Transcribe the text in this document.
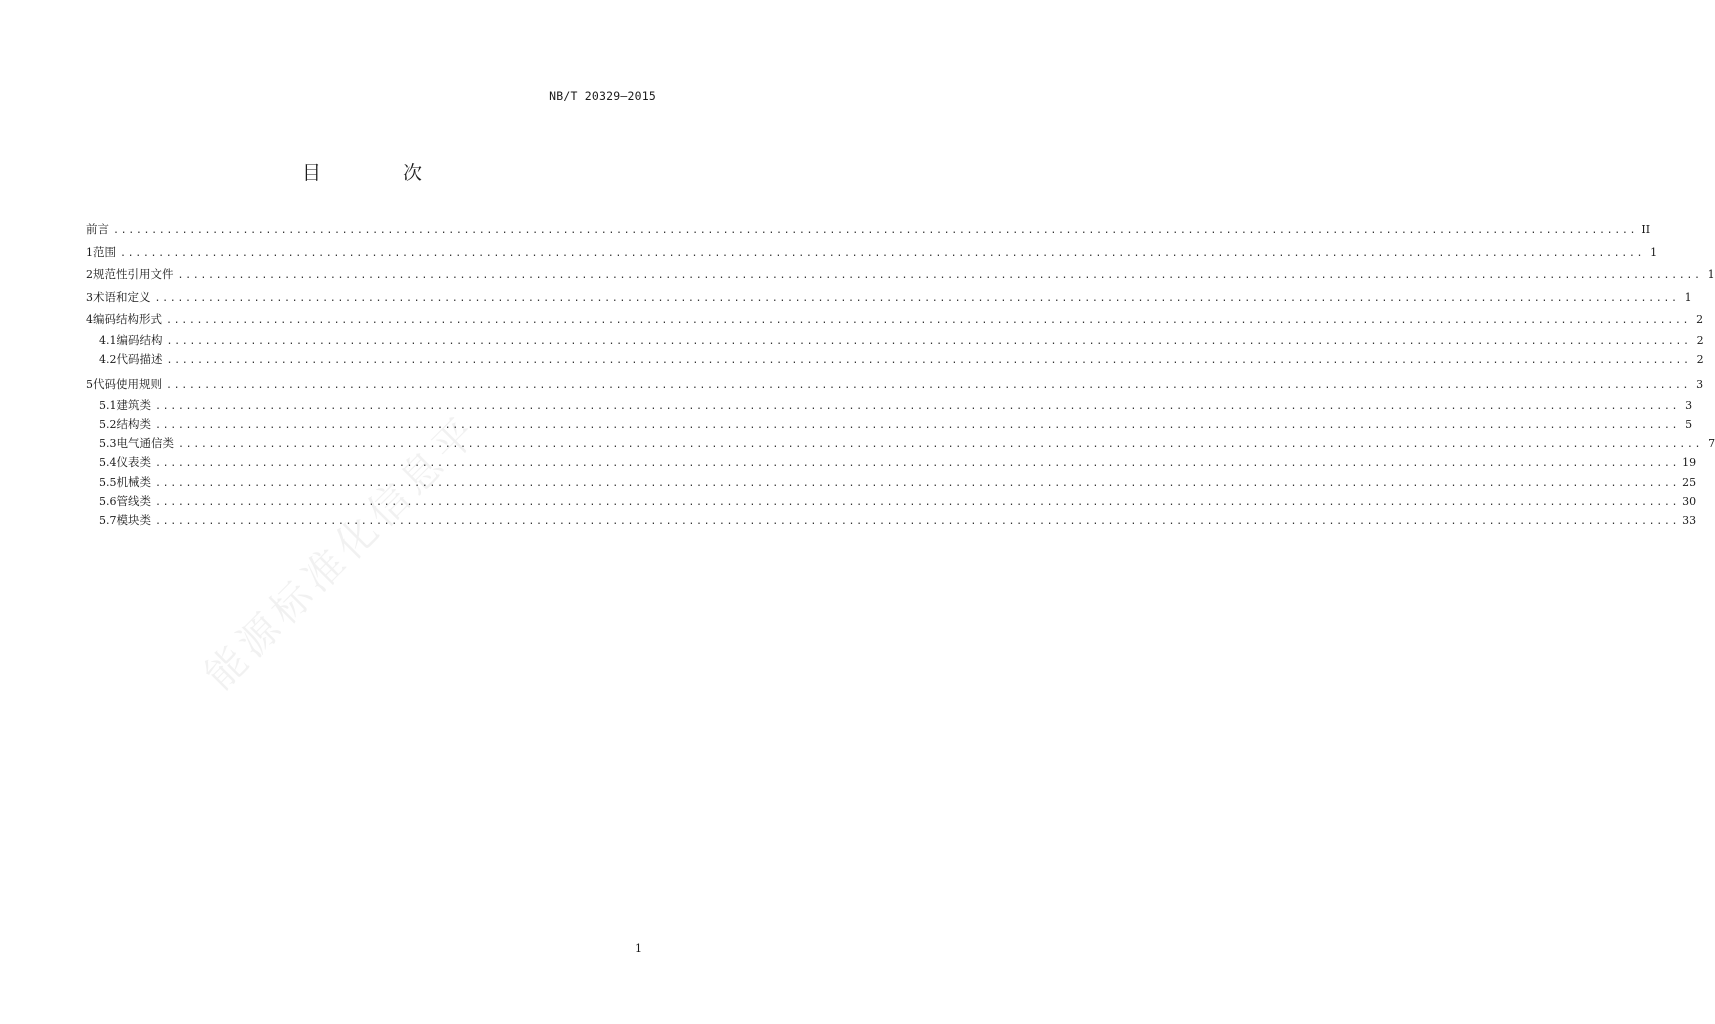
NB/T 20329—2015
目 次
前言 ........................................................................................................................................................................................................ II
1 范围 ........................................................................................................................................................................................................ 1
2 规范性引用文件 ........................................................................................................................................................................................................ 1
3 术语和定义 ........................................................................................................................................................................................................ 1
4 编码结构形式 ........................................................................................................................................................................................................ 2
4.1 编码结构 ........................................................................................................................................................................................................ 2
4.2 代码描述 ........................................................................................................................................................................................................ 2
5 代码使用规则 ........................................................................................................................................................................................................ 3
5.1 建筑类 ........................................................................................................................................................................................................ 3
5.2 结构类 ........................................................................................................................................................................................................ 5
5.3 电气通信类 ........................................................................................................................................................................................................ 7
5.4 仪表类 ........................................................................................................................................................................................................ 19
5.5 机械类 ........................................................................................................................................................................................................ 25
5.6 管线类 ........................................................................................................................................................................................................ 30
5.7 模块类 ........................................................................................................................................................................................................ 33
能源标准化信息平
1
